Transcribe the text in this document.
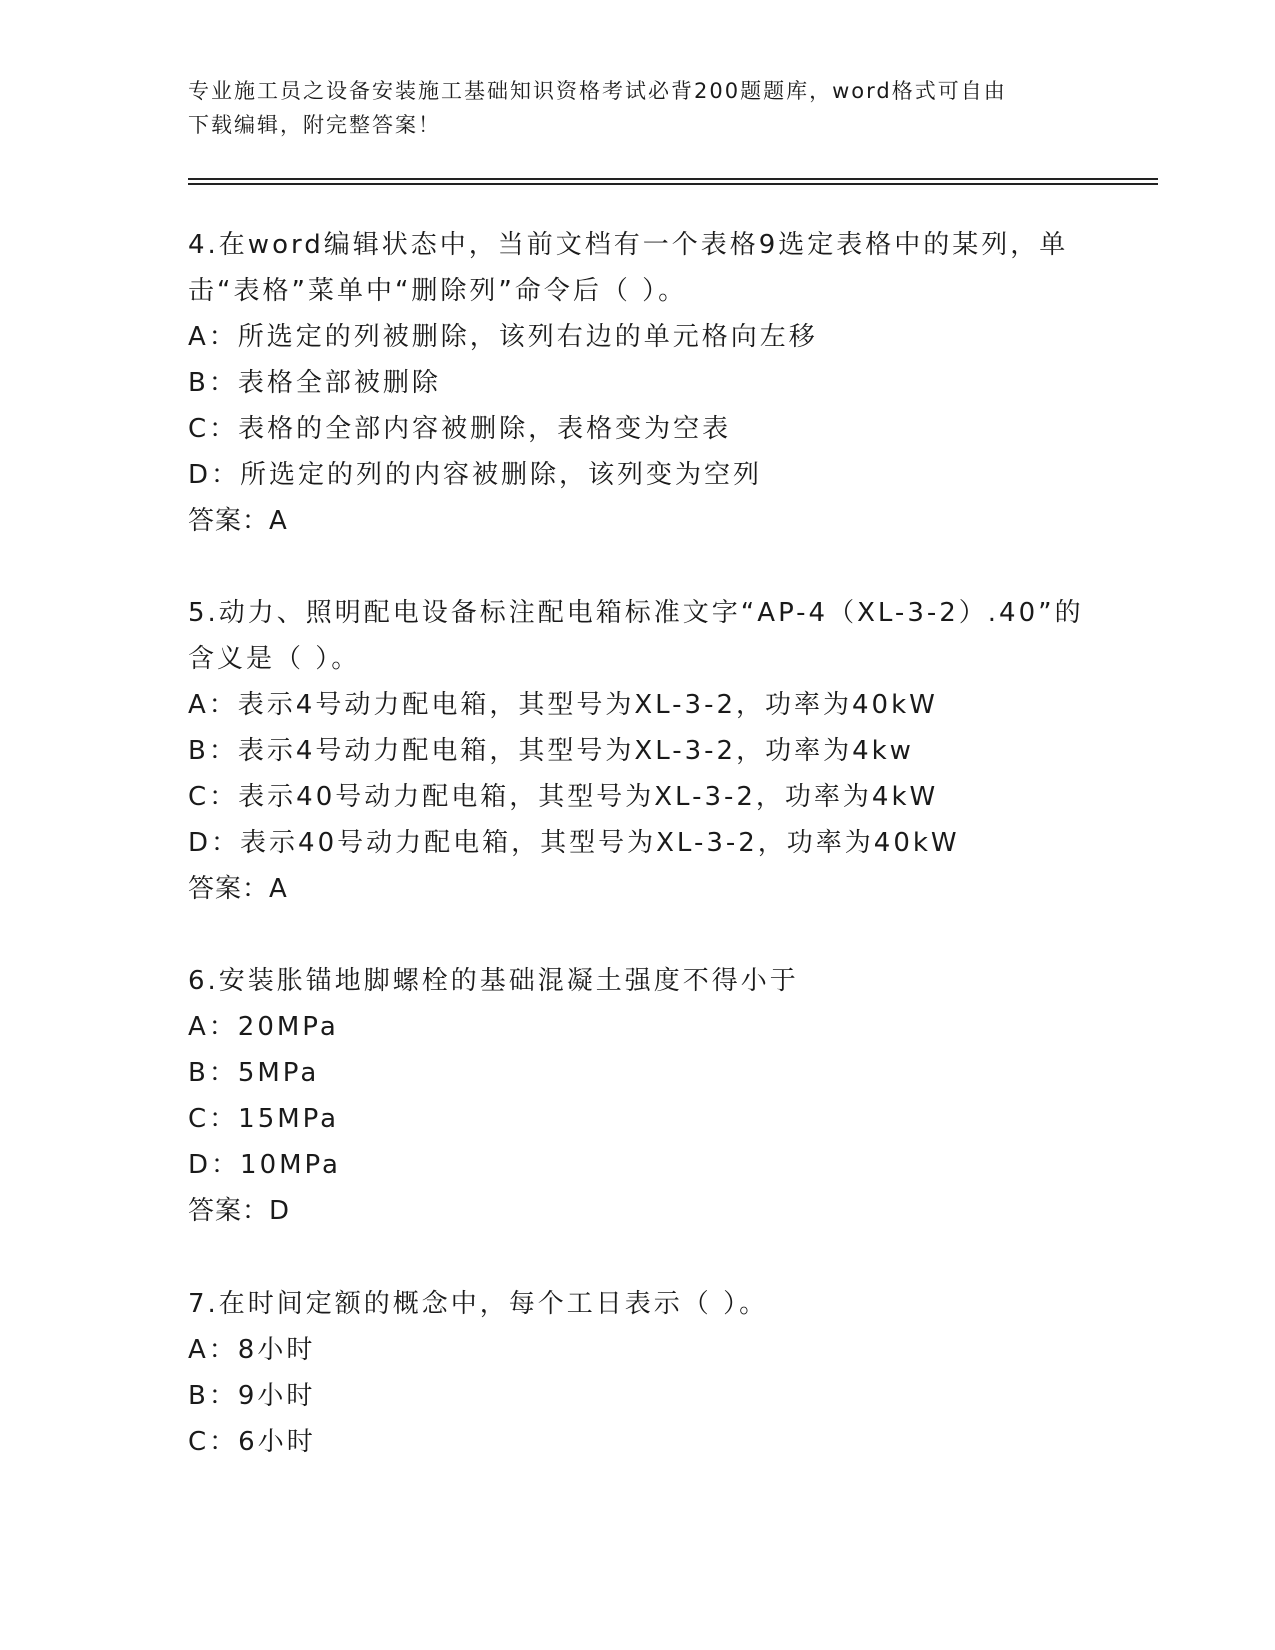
专业施工员之设备安装施工基础知识资格考试必背200题题库，word格式可自由
下载编辑，附完整答案！
4.在word编辑状态中，当前文档有一个表格9选定表格中的某列，单
击“表格”菜单中“删除列”命令后（ ）。
A：所选定的列被删除，该列右边的单元格向左移
B：表格全部被删除
C：表格的全部内容被删除，表格变为空表
D：所选定的列的内容被删除，该列变为空列
答案：A
5.动力、照明配电设备标注配电箱标准文字“AP-4（XL-3-2）.40”的
含义是（ ）。
A：表示4号动力配电箱，其型号为XL-3-2，功率为40kW
B：表示4号动力配电箱，其型号为XL-3-2，功率为4kw
C：表示40号动力配电箱，其型号为XL-3-2，功率为4kW
D：表示40号动力配电箱，其型号为XL-3-2，功率为40kW
答案：A
6.安装胀锚地脚螺栓的基础混凝土强度不得小于
A：20MPa
B：5MPa
C：15MPa
D：10MPa
答案：D
7.在时间定额的概念中，每个工日表示（ ）。
A：8小时
B：9小时
C：6小时
